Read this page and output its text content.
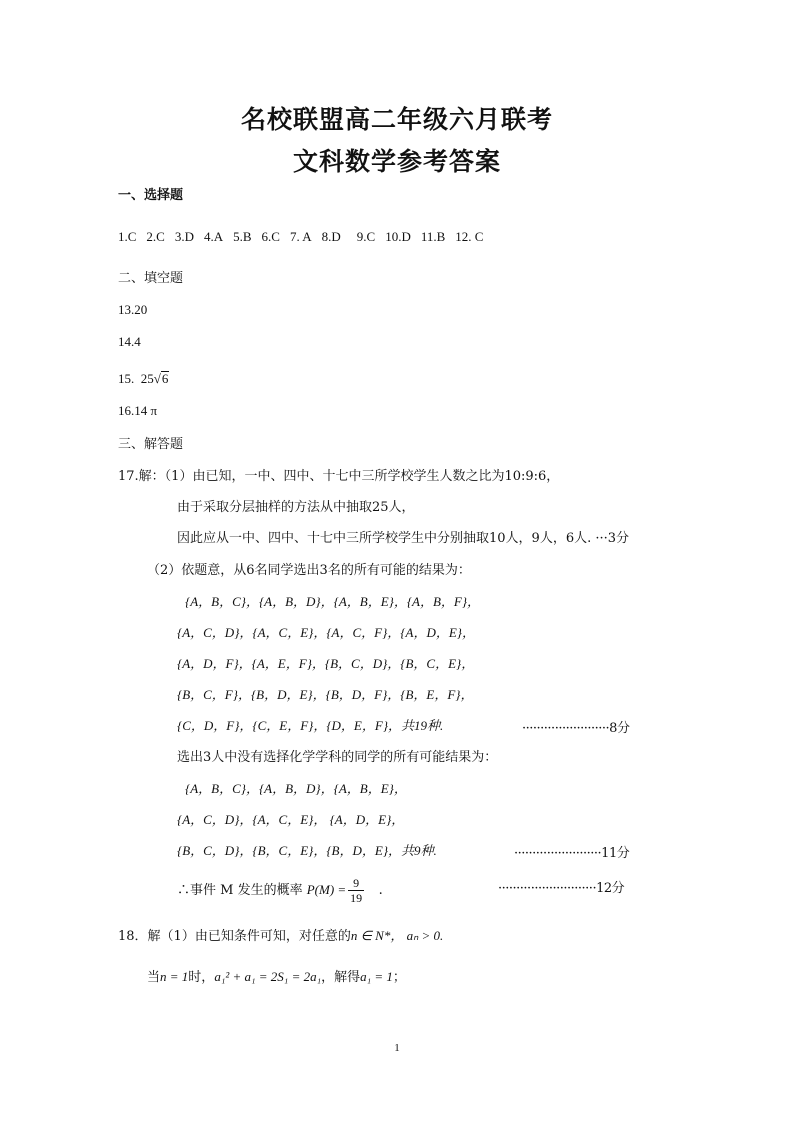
名校联盟高二年级六月联考
文科数学参考答案
一、选择题
1.C 2.C 3.D 4.A 5.B 6.C 7. A 8.D 9.C 10.D 11.B 12. C
二、填空题
13.20
14.4
15. 25√6
16.14 π
三、解答题
17.解：（1）由已知，一中、四中、十七中三所学校学生人数之比为10:9:6，
由于采取分层抽样的方法从中抽取25人，
因此应从一中、四中、十七中三所学校学生中分别抽取10人，9人，6人. ···3分
（2）依题意，从6名同学选出3名的所有可能的结果为：
{A，B，C}，{A，B，D}，{A，B，E}，{A，B，F}，
{A，C，D}，{A，C，E}，{A，C，F}，{A，D，E}，
{A，D，F}，{A，E，F}，{B，C，D}，{B，C，E}，
{B，C，F}，{B，D，E}，{B，D，F}，{B，E，F}，
{C，D，F}，{C，E，F}，{D，E，F}，共19种.	························8分
选出3人中没有选择化学学科的同学的所有可能结果为：
{A，B，C}，{A，B，D}，{A，B，E}，
{A，C，D}，{A，C，E}， {A，D，E}，
{B，C，D}，{B，C，E}，{B，D，E}，共9种.	························11分
∴事件 M 发生的概率 $P(M) = \frac{9}{19}$ .	···························12分
18．解（1）由已知条件可知，对任意的n ∈ N*， aₙ > 0.
当n = 1时，a₁² + a₁ = 2S₁ = 2a₁，解得a₁ = 1；
1
